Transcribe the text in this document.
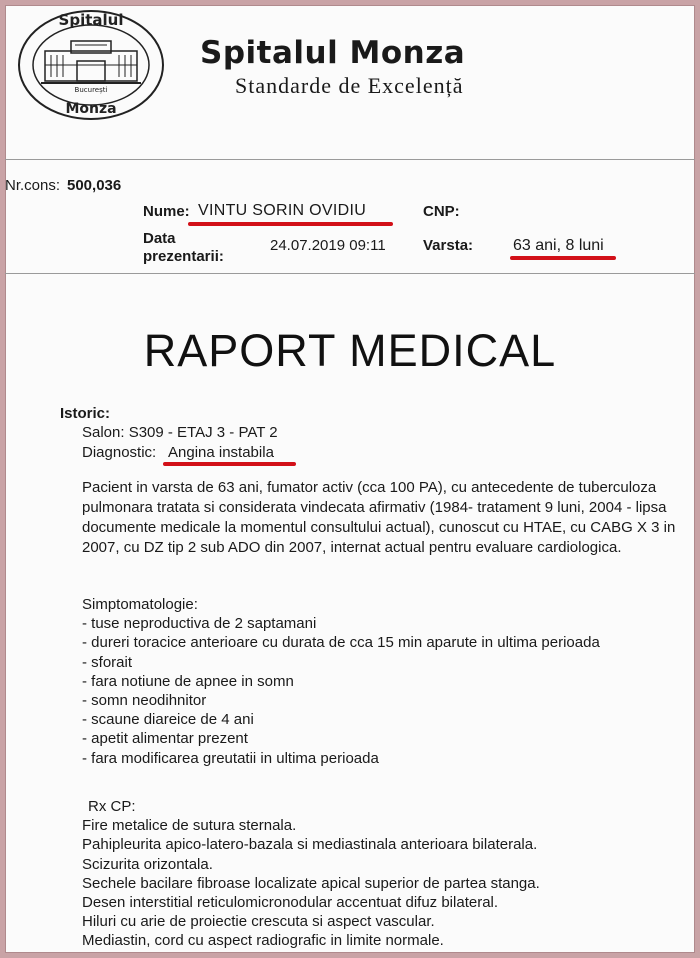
Spitalul
Monza
București
Spitalul Monza
Standarde de Excelență
Nr.cons: 500,036
Nume: VINTU SORIN OVIDIU	CNP:
Data
prezentarii:
24.07.2019 09:11 Varsta: 63 ani, 8 luni
RAPORT MEDICAL
Istoric:
Salon: S309 - ETAJ 3 - PAT 2
Diagnostic: Angina instabila
Pacient in varsta de 63 ani, fumator activ (cca 100 PA), cu antecedente de tuberculoza pulmonara tratata si considerata vindecata afirmativ (1984- tratament 9 luni, 2004 - lipsa documente medicale la momentul consultului actual), cunoscut cu HTAE, cu CABG X 3 in 2007, cu DZ tip 2 sub ADO din 2007, internat actual pentru evaluare cardiologica.
Simptomatologie:
- tuse neproductiva de 2 saptamani
- dureri toracice anterioare cu durata de cca 15 min aparute in ultima perioada
- sforait
- fara notiune de apnee in somn
- somn neodihnitor
- scaune diareice de 4 ani
- apetit alimentar prezent
- fara modificarea greutatii in ultima perioada
Rx CP:
Fire metalice de sutura sternala.
Pahipleurita apico-latero-bazala si mediastinala anterioara bilaterala.
Scizurita orizontala.
Sechele bacilare fibroase localizate apical superior de partea stanga.
Desen interstitial reticulomicronodular accentuat difuz bilateral.
Hiluri cu arie de proiectie crescuta si aspect vascular.
Mediastin, cord cu aspect radiografic in limite normale.
